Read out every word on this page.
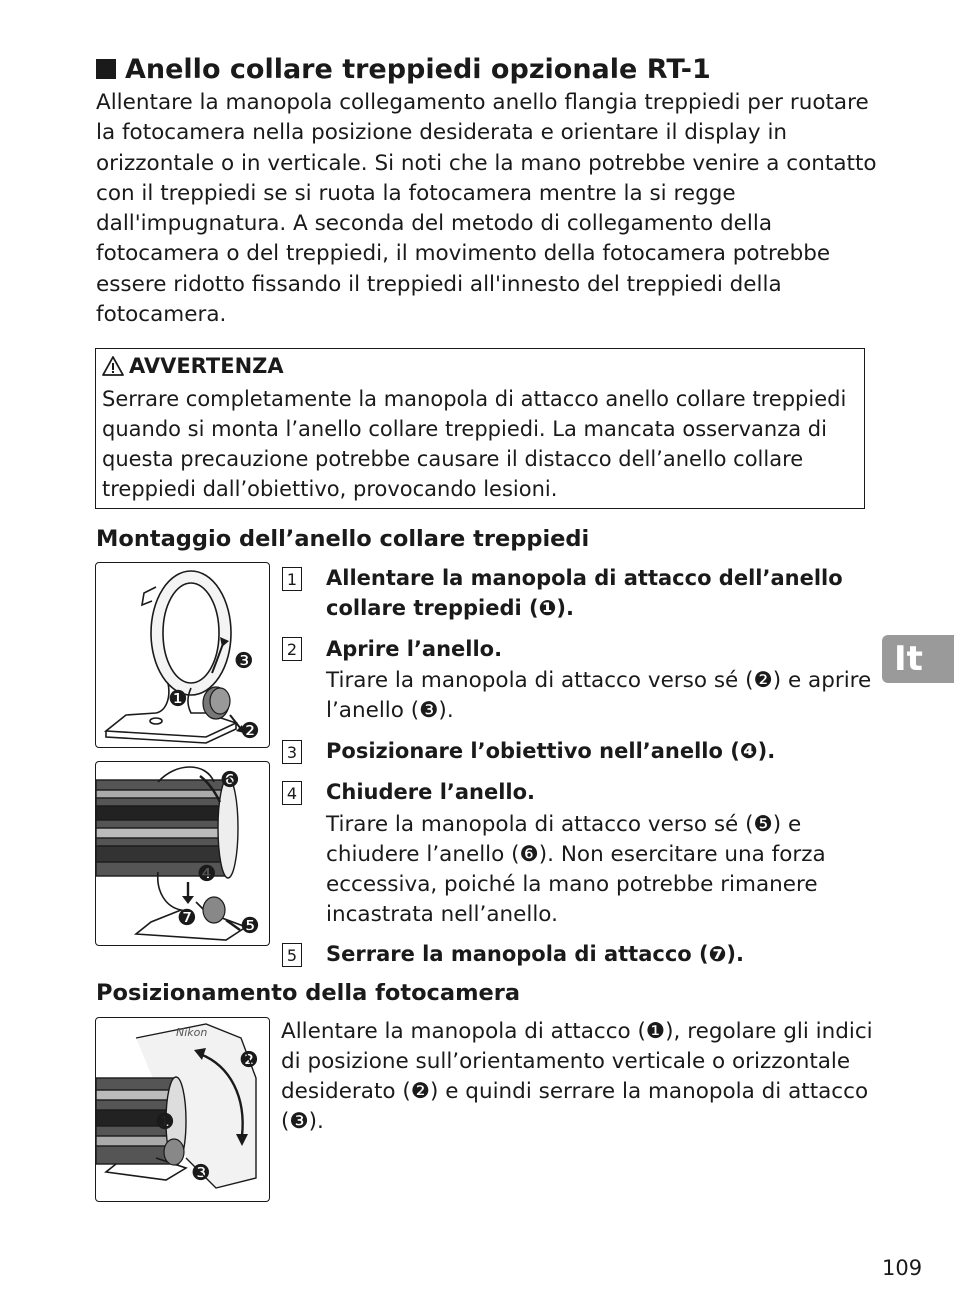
Anello collare treppiedi opzionale RT-1
Allentare la manopola collegamento anello flangia treppiedi per ruotare
la fotocamera nella posizione desiderata e orientare il display in
orizzontale o in verticale. Si noti che la mano potrebbe venire a contatto
con il treppiedi se si ruota la fotocamera mentre la si regge
dall'impugnatura. A seconda del metodo di collegamento della
fotocamera o del treppiedi, il movimento della fotocamera potrebbe
essere ridotto fissando il treppiedi all'innesto del treppiedi della
fotocamera.
AVVERTENZA
Serrare completamente la manopola di attacco anello collare treppiedi
quando si monta l’anello collare treppiedi. La mancata osservanza di
questa precauzione potrebbe causare il distacco dell’anello collare
treppiedi dall’obiettivo, provocando lesioni.
Montaggio dell’anello collare treppiedi
❶
❷
❸
❹
❺
❻
❼
1 Allentare la manopola di attacco dell’anello
collare treppiedi (❶).
2 Aprire l’anello.
Tirare la manopola di attacco verso sé (❷) e aprire
l’anello (❸).
3 Posizionare l’obiettivo nell’anello (❹).
4 Chiudere l’anello.
Tirare la manopola di attacco verso sé (❺) e
chiudere l’anello (❻). Non esercitare una forza
eccessiva, poiché la mano potrebbe rimanere
incastrata nell’anello.
5 Serrare la manopola di attacco (❼).
Posizionamento della fotocamera
Nikon
❶
❷
❸
Allentare la manopola di attacco (❶), regolare gli indici
di posizione sull’orientamento verticale o orizzontale
desiderato (❷) e quindi serrare la manopola di attacco
(❸).
It
109
